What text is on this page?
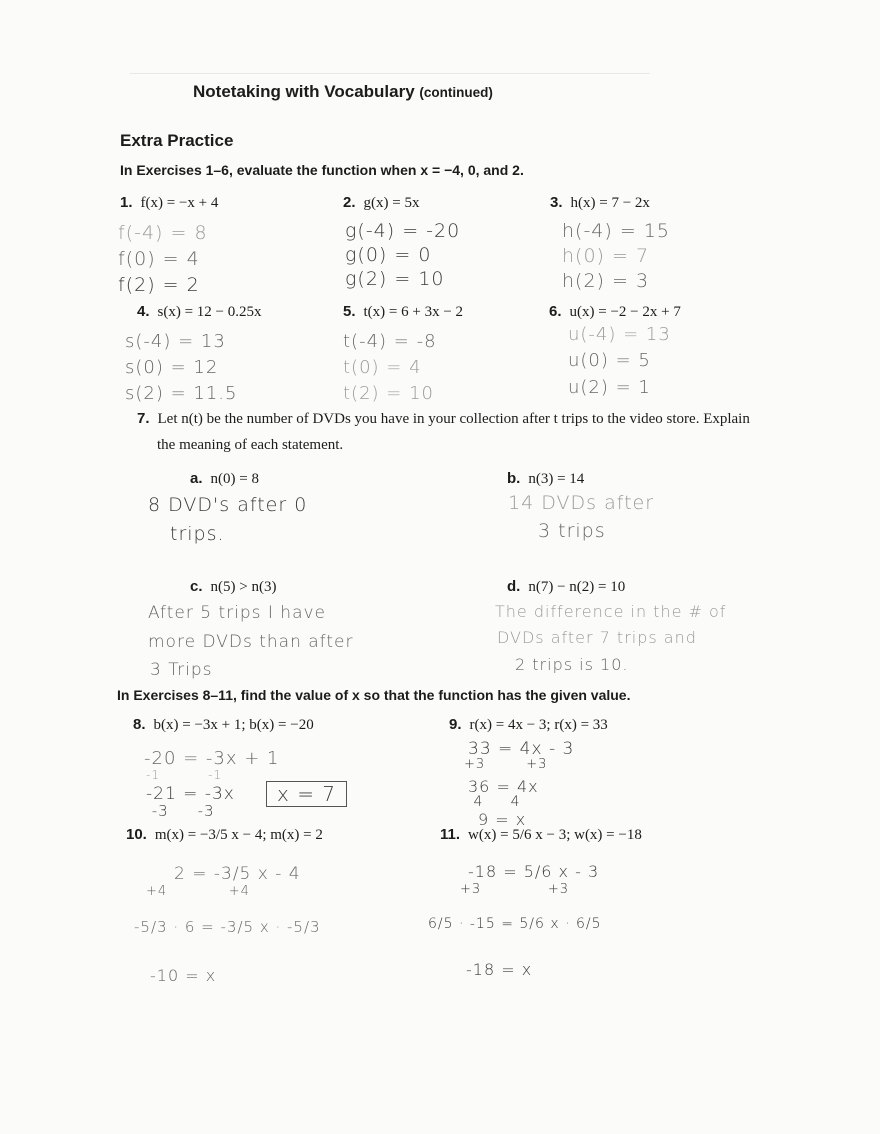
Notetaking with Vocabulary (continued)
Extra Practice
In Exercises 1–6, evaluate the function when x = −4, 0, and 2.
1. f(x) = −x + 4	2. g(x) = 5x	3. h(x) = 7 − 2x
f(-4) = 8
f(0) = 4
f(2) = 2
g(-4) = -20
g(0) = 0
g(2) = 10
h(-4) = 15
h(0) = 7
h(2) = 3
4. s(x) = 12 − 0.25x	5. t(x) = 6 + 3x − 2	6. u(x) = −2 − 2x + 7
s(-4) = 13
s(0) = 12
s(2) = 11.5
t(-4) = -8
t(0) = 4
t(2) = 10
u(-4) = 13
u(0) = 5
u(2) = 1
7. Let n(t) be the number of DVDs you have in your collection after t trips to the video store. Explain
the meaning of each statement.
a. n(0) = 8	b. n(3) = 14
8 DVD's after 0
trips.
14 DVDs after
3 trips
c. n(5) > n(3)	d. n(7) − n(2) = 10
After 5 trips I have
more DVDs than after
3 Trips
The difference in the # of
DVDs after 7 trips and
2 trips is 10.
In Exercises 8–11, find the value of x so that the function has the given value.
8. b(x) = −3x + 1; b(x) = −20
-20 = -3x + 1
-1          -1
-21 = -3x
-3     -3
x = 7
9. r(x) = 4x − 3; r(x) = 33
33 = 4x - 3
+3        +3
36 = 4x
4     4
9 = x
10. m(x) = −3/5 x − 4; m(x) = 2
2 = -3/5 x - 4
+4            +4
-5/3 · 6 = -3/5 x · -5/3
-10 = x
11. w(x) = 5/6 x − 3; w(x) = −18
-18 = 5/6 x - 3
+3             +3
6/5 · -15 = 5/6 x · 6/5
-18 = x
